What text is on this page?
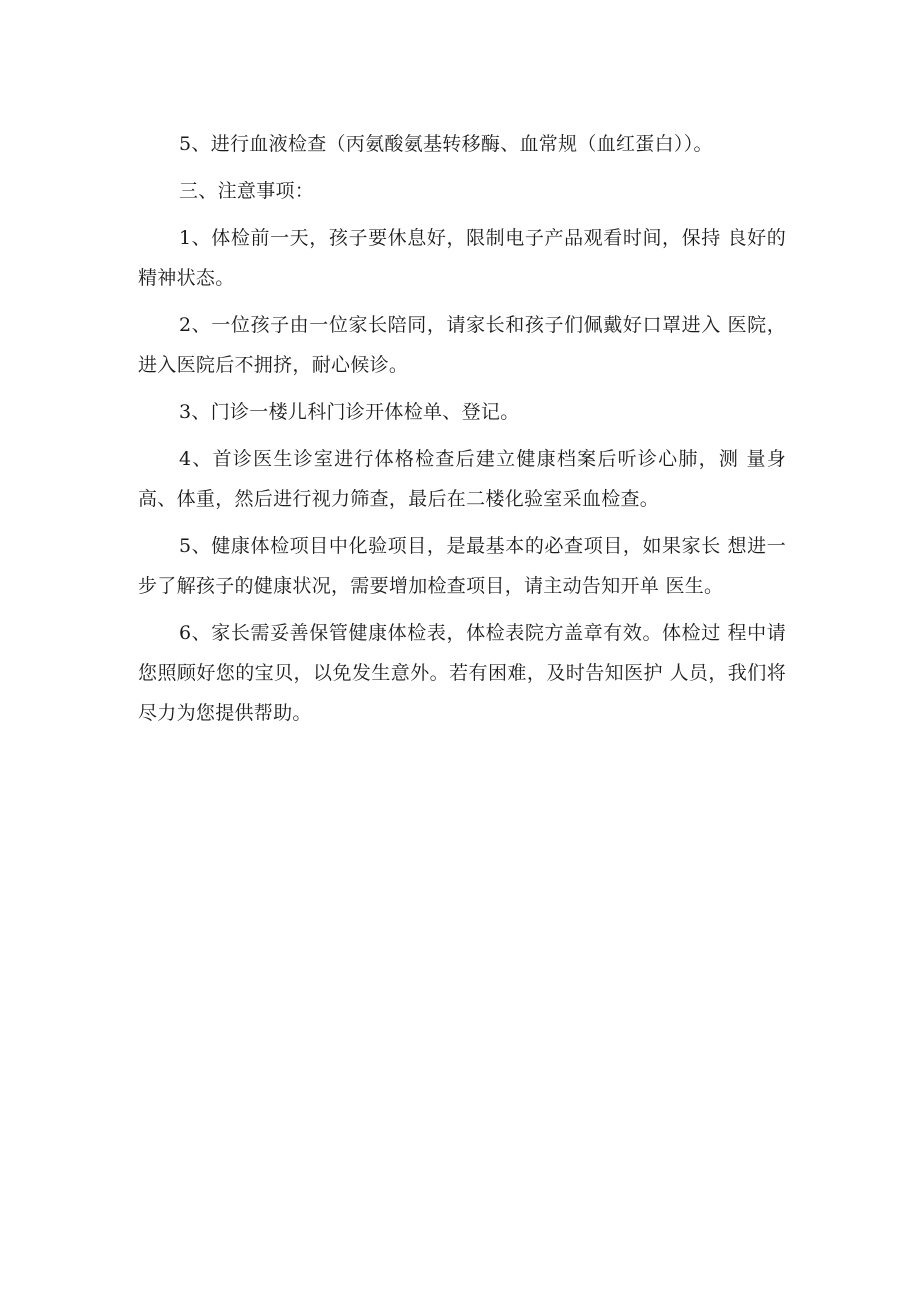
5、进行血液检查（丙氨酸氨基转移酶、血常规（血红蛋白））。

三、注意事项：

1、体检前一天，孩子要休息好，限制电子产品观看时间，保持 良好的精神状态。

2、一位孩子由一位家长陪同，请家长和孩子们佩戴好口罩进入 医院，进入医院后不拥挤，耐心候诊。

3、门诊一楼儿科门诊开体检单、登记。

4、首诊医生诊室进行体格检查后建立健康档案后听诊心肺，测 量身高、体重，然后进行视力筛查，最后在二楼化验室采血检查。

5、健康体检项目中化验项目，是最基本的必查项目，如果家长 想进一步了解孩子的健康状况，需要增加检查项目，请主动告知开单 医生。

6、家长需妥善保管健康体检表，体检表院方盖章有效。体检过 程中请您照顾好您的宝贝，以免发生意外。若有困难，及时告知医护 人员，我们将尽力为您提供帮助。
